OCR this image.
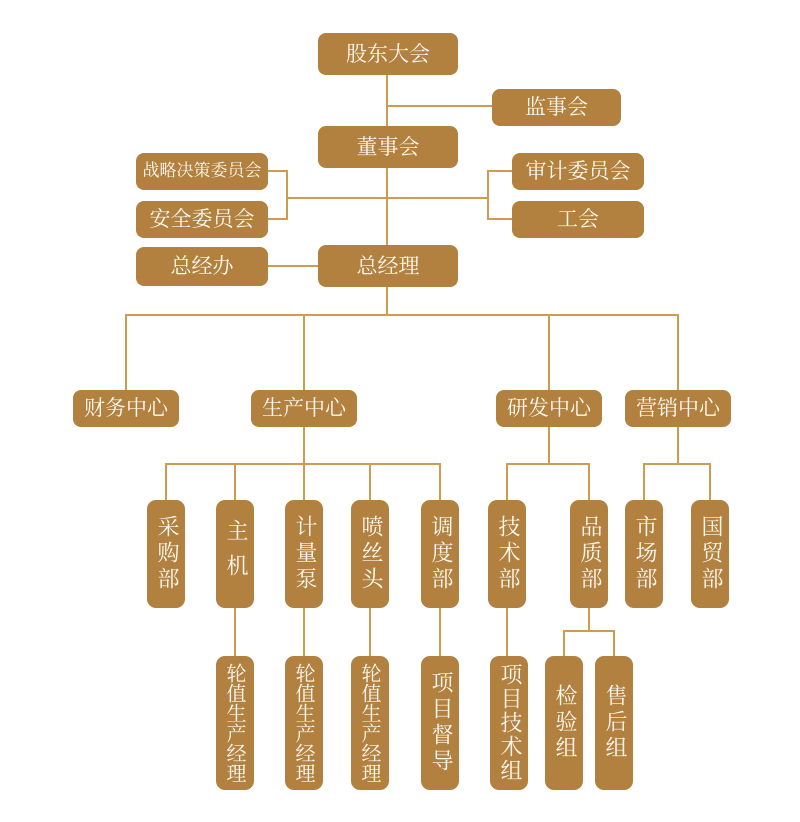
股东大会
监事会
董事会
战略决策委员会
安全委员会
审计委员会
工会
总经办	总经理
财务中心	生产中心	研发中心	营销中心
采购部	主机	计量泵	喷丝头	调度部	技术部	品质部	市场部	国贸部
轮值生产经理	轮值生产经理	轮值生产经理	项目督导	项目技术组	检验组	售后组
